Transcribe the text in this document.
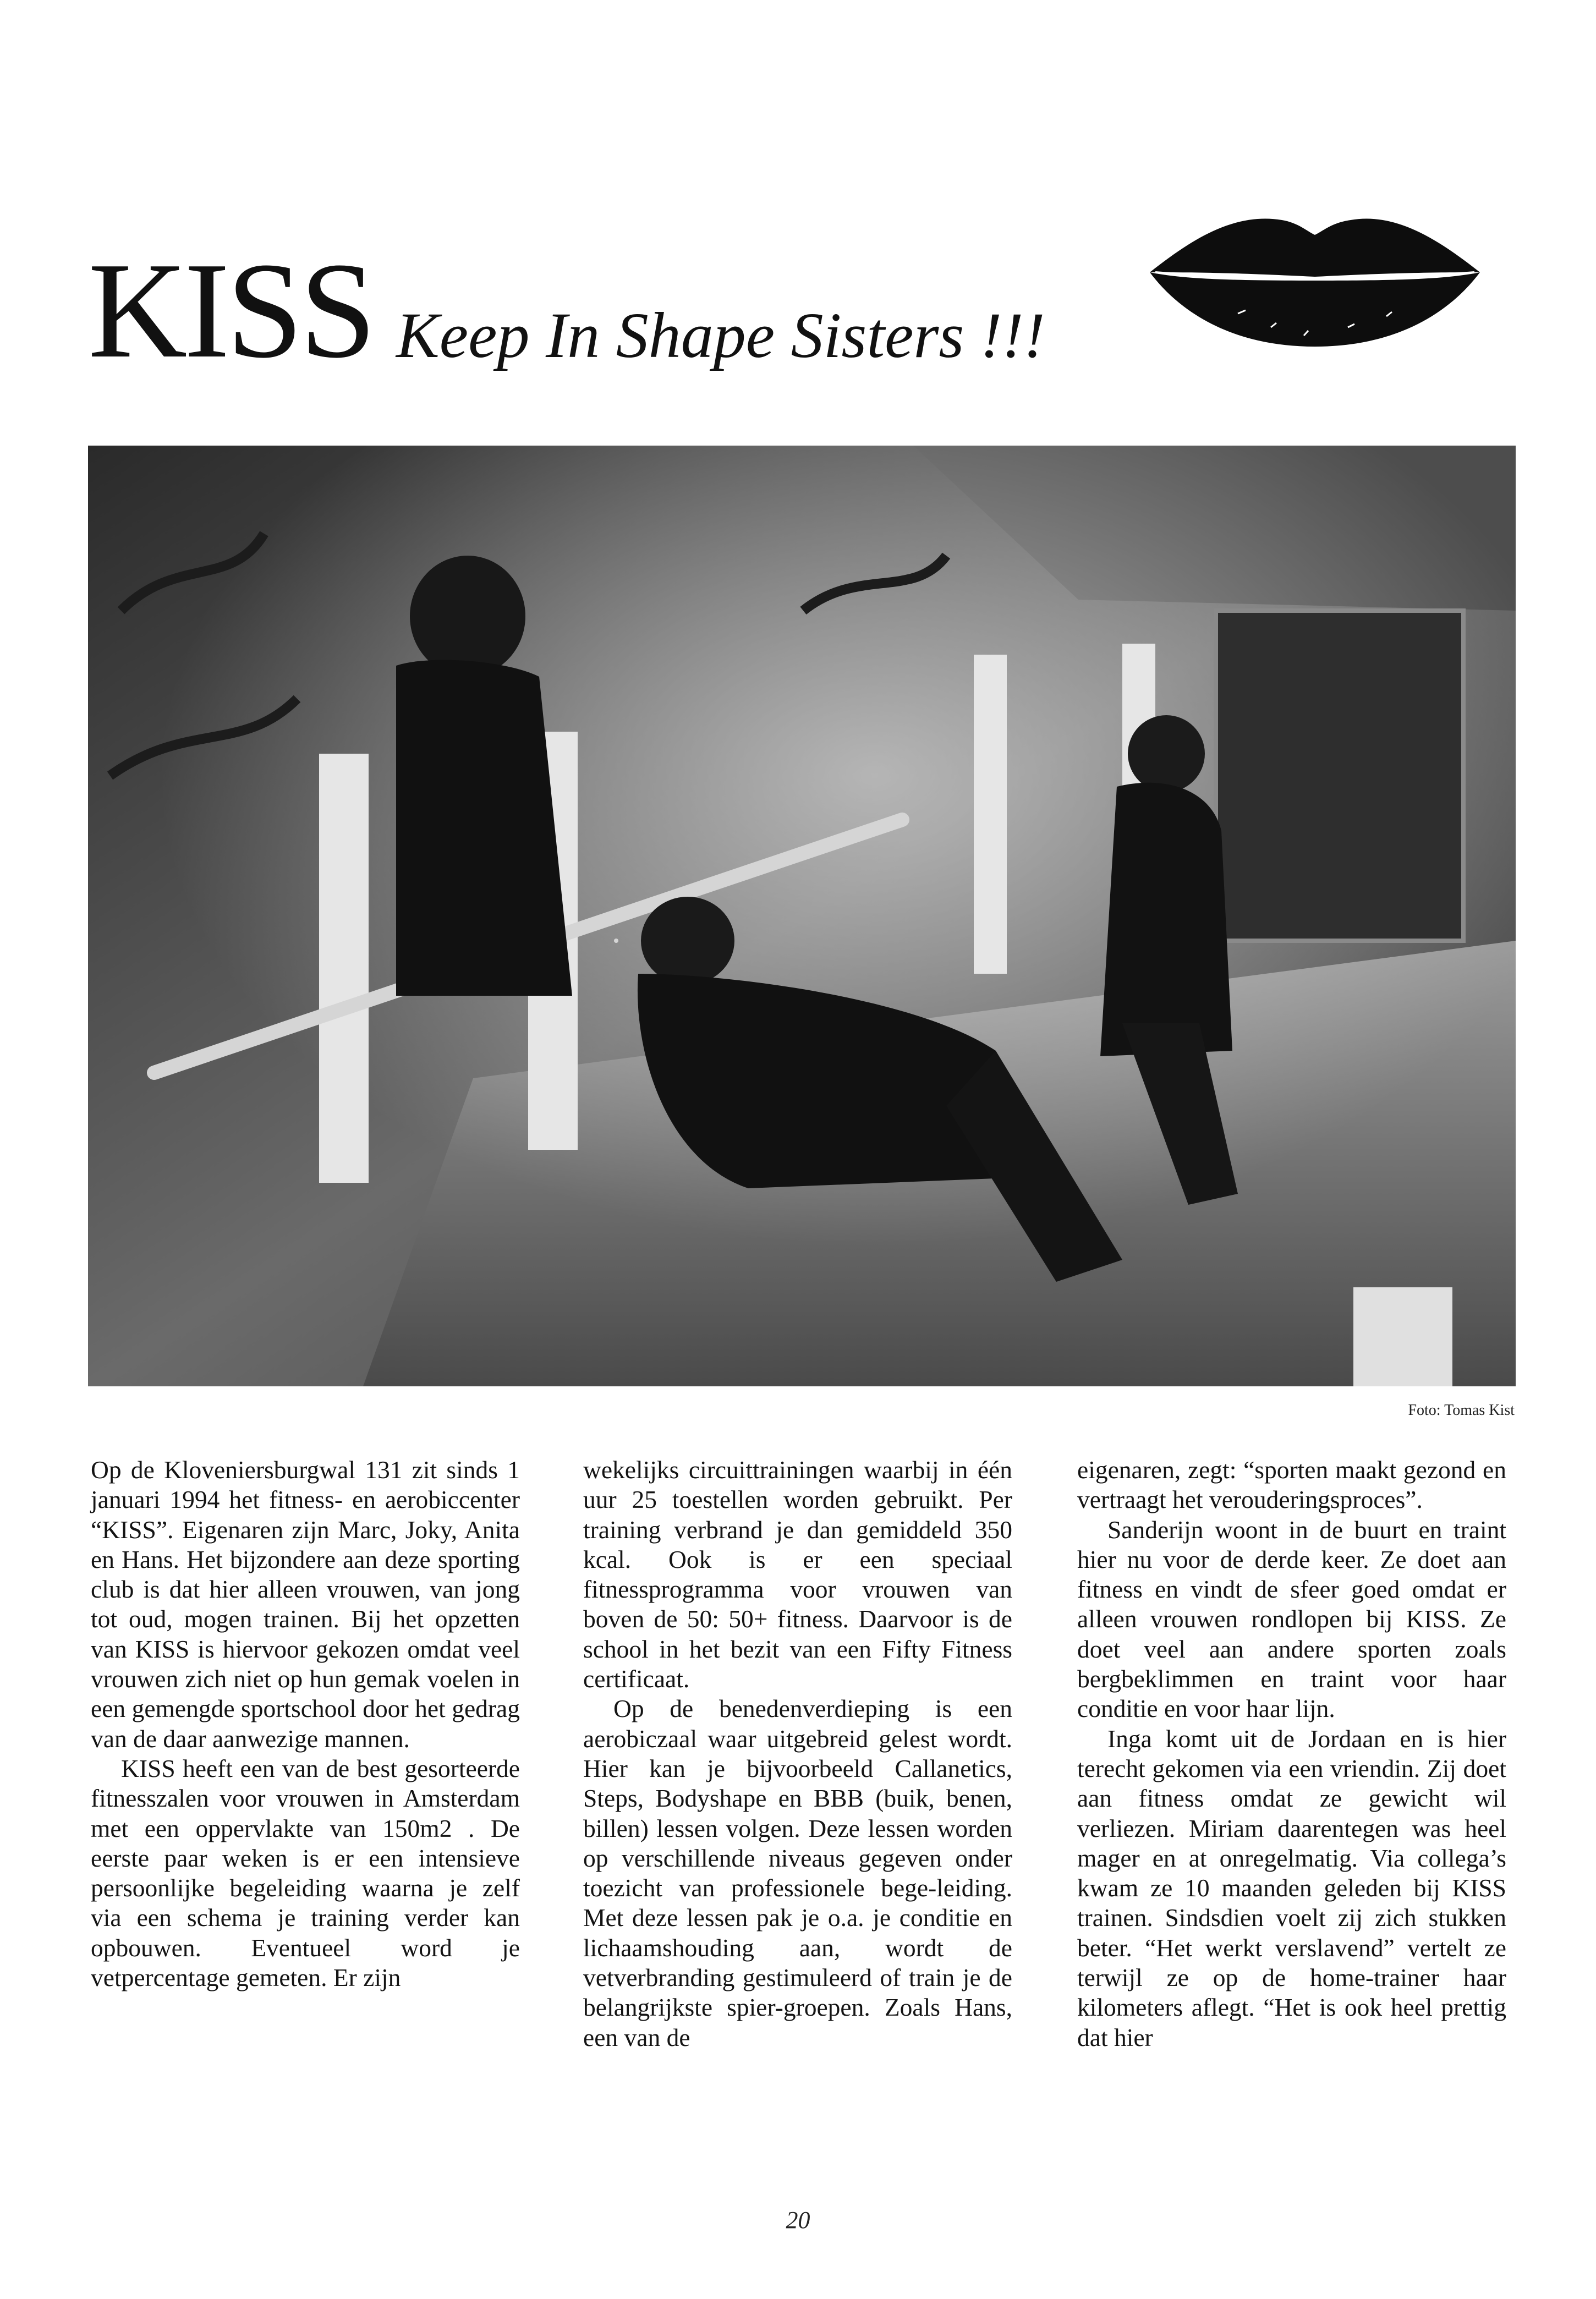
KISS Keep In Shape Sisters !!!
Foto: Tomas Kist

Op de Kloveniersburgwal 131 zit sinds 1 januari 1994 het fitness- en aerobiccenter “KISS”. Eigenaren zijn Marc, Joky, Anita en Hans. Het bijzondere aan deze sporting club is dat hier alleen vrouwen, van jong tot oud, mogen trainen. Bij het opzetten van KISS is hiervoor gekozen omdat veel vrouwen zich niet op hun gemak voelen in een gemengde sportschool door het gedrag van de daar aanwezige mannen.

KISS heeft een van de best gesorteerde fitnesszalen voor vrouwen in Amsterdam met een oppervlakte van 150m2 . De eerste paar weken is er een intensieve persoonlijke begeleiding waarna je zelf via een schema je training verder kan opbouwen. Eventueel word je vetpercentage gemeten. Er zijn

wekelijks circuittrainingen waarbij in één uur 25 toestellen worden gebruikt. Per training verbrand je dan gemiddeld 350 kcal. Ook is er een speciaal fitnessprogramma voor vrouwen van boven de 50: 50+ fitness. Daarvoor is de school in het bezit van een Fifty Fitness certificaat.

Op de benedenverdieping is een aerobiczaal waar uitgebreid gelest wordt. Hier kan je bijvoorbeeld Callanetics, Steps, Bodyshape en BBB (buik, benen, billen) lessen volgen. Deze lessen worden op verschillende niveaus gegeven onder toezicht van professionele bege-leiding. Met deze lessen pak je o.a. je conditie en lichaamshouding aan, wordt de vetverbranding gestimuleerd of train je de belangrijkste spier-groepen. Zoals Hans, een van de

eigenaren, zegt: “sporten maakt gezond en vertraagt het verouderingsproces”.

Sanderijn woont in de buurt en traint hier nu voor de derde keer. Ze doet aan fitness en vindt de sfeer goed omdat er alleen vrouwen rondlopen bij KISS. Ze doet veel aan andere sporten zoals bergbeklimmen en traint voor haar conditie en voor haar lijn.

Inga komt uit de Jordaan en is hier terecht gekomen via een vriendin. Zij doet aan fitness omdat ze gewicht wil verliezen. Miriam daarentegen was heel mager en at onregelmatig. Via collega’s kwam ze 10 maanden geleden bij KISS trainen. Sindsdien voelt zij zich stukken beter. “Het werkt verslavend” vertelt ze terwijl ze op de home-trainer haar kilometers aflegt. “Het is ook heel prettig dat hier

20
